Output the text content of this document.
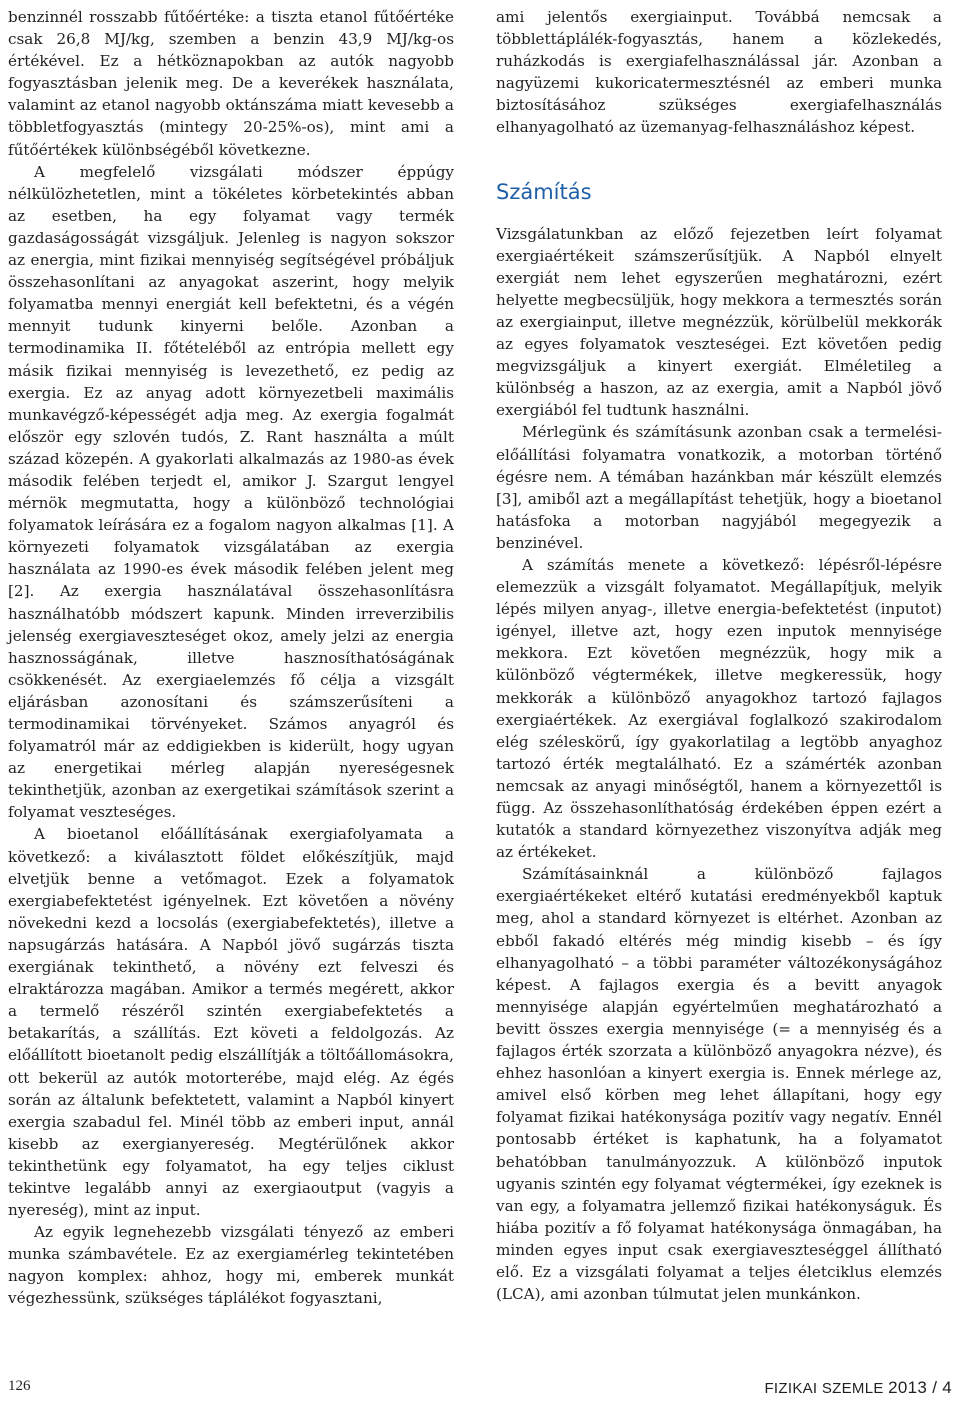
benzinnél rosszabb fűtőértéke: a tiszta etanol fűtőértéke csak 26,8 MJ/kg, szemben a benzin 43,9 MJ/kg-os értékével. Ez a hétköznapokban az autók nagyobb fogyasztásban jelenik meg. De a keverékek használata, valamint az etanol nagyobb oktánszáma miatt kevesebb a többletfogyasztás (mintegy 20-25%-os), mint ami a fűtőértékek különbségéből következne.

A megfelelő vizsgálati módszer éppúgy nélkülözhetetlen, mint a tökéletes körbetekintés abban az esetben, ha egy folyamat vagy termék gazdaságosságát vizsgáljuk. Jelenleg is nagyon sokszor az energia, mint fizikai mennyiség segítségével próbáljuk összehasonlítani az anyagokat aszerint, hogy melyik folyamatba mennyi energiát kell befektetni, és a végén mennyit tudunk kinyerni belőle. Azonban a termodinamika II. főtételéből az entrópia mellett egy másik fizikai mennyiség is levezethető, ez pedig az exergia. Ez az anyag adott környezetbeli maximális munkavégző-képességét adja meg. Az exergia fogalmát először egy szlovén tudós, Z. Rant használta a múlt század közepén. A gyakorlati alkalmazás az 1980-as évek második felében terjedt el, amikor J. Szargut lengyel mérnök megmutatta, hogy a különböző technológiai folyamatok leírására ez a fogalom nagyon alkalmas [1]. A környezeti folyamatok vizsgálatában az exergia használata az 1990-es évek második felében jelent meg [2]. Az exergia használatával összehasonlításra használhatóbb módszert kapunk. Minden irreverzibilis jelenség exergiaveszteséget okoz, amely jelzi az energia hasznosságának, illetve hasznosíthatóságának csökkenését. Az exergiaelemzés fő célja a vizsgált eljárásban azonosítani és számszerűsíteni a termodinamikai törvényeket. Számos anyagról és folyamatról már az eddigiekben is kiderült, hogy ugyan az energetikai mérleg alapján nyereségesnek tekinthetjük, azonban az exergetikai számítások szerint a folyamat veszteséges.

A bioetanol előállításának exergiafolyamata a következő: a kiválasztott földet előkészítjük, majd elvetjük benne a vetőmagot. Ezek a folyamatok exergiabefektetést igényelnek. Ezt követően a növény növekedni kezd a locsolás (exergiabefektetés), illetve a napsugárzás hatására. A Napból jövő sugárzás tiszta exergiának tekinthető, a növény ezt felveszi és elraktározza magában. Amikor a termés megérett, akkor a termelő részéről szintén exergiabefektetés a betakarítás, a szállítás. Ezt követi a feldolgozás. Az előállított bioetanolt pedig elszállítják a töltőállomásokra, ott bekerül az autók motorterébe, majd elég. Az égés során az általunk befektetett, valamint a Napból kinyert exergia szabadul fel. Minél több az emberi input, annál kisebb az exergianyereség. Megtérülőnek akkor tekinthetünk egy folyamatot, ha egy teljes ciklust tekintve legalább annyi az exergiaoutput (vagyis a nyereség), mint az input.

Az egyik legnehezebb vizsgálati tényező az emberi munka számbavétele. Ez az exergiamérleg tekintetében nagyon komplex: ahhoz, hogy mi, emberek munkát végezhessünk, szükséges táplálékot fogyasztani,

ami jelentős exergiainput. Továbbá nemcsak a többlettáplálék-fogyasztás, hanem a közlekedés, ruházkodás is exergiafelhasználással jár. Azonban a nagyüzemi kukoricatermesztésnél az emberi munka biztosításához szükséges exergiafelhasználás elhanyagolható az üzemanyag-felhasználáshoz képest.

Számítás

Vizsgálatunkban az előző fejezetben leírt folyamat exergiaértékeit számszerűsítjük. A Napból elnyelt exergiát nem lehet egyszerűen meghatározni, ezért helyette megbecsüljük, hogy mekkora a termesztés során az exergiainput, illetve megnézzük, körülbelül mekkorák az egyes folyamatok veszteségei. Ezt követően pedig megvizsgáljuk a kinyert exergiát. Elméletileg a különbség a haszon, az az exergia, amit a Napból jövő exergiából fel tudtunk használni.

Mérlegünk és számításunk azonban csak a termelési-előállítási folyamatra vonatkozik, a motorban történő égésre nem. A témában hazánkban már készült elemzés [3], amiből azt a megállapítást tehetjük, hogy a bioetanol hatásfoka a motorban nagyjából megegyezik a benzinével.

A számítás menete a következő: lépésről-lépésre elemezzük a vizsgált folyamatot. Megállapítjuk, melyik lépés milyen anyag-, illetve energia-befektetést (inputot) igényel, illetve azt, hogy ezen inputok mennyisége mekkora. Ezt követően megnézzük, hogy mik a különböző végtermékek, illetve megkeressük, hogy mekkorák a különböző anyagokhoz tartozó fajlagos exergiaértékek. Az exergiával foglalkozó szakirodalom elég széleskörű, így gyakorlatilag a legtöbb anyaghoz tartozó érték megtalálható. Ez a számérték azonban nemcsak az anyagi minőségtől, hanem a környezettől is függ. Az összehasonlíthatóság érdekében éppen ezért a kutatók a standard környezethez viszonyítva adják meg az értékeket.

Számításainknál a különböző fajlagos exergiaértékeket eltérő kutatási eredményekből kaptuk meg, ahol a standard környezet is eltérhet. Azonban az ebből fakadó eltérés még mindig kisebb – és így elhanyagolható – a többi paraméter változékonyságához képest. A fajlagos exergia és a bevitt anyagok mennyisége alapján egyértelműen meghatározható a bevitt összes exergia mennyisége (= a mennyiség és a fajlagos érték szorzata a különböző anyagokra nézve), és ehhez hasonlóan a kinyert exergia is. Ennek mérlege az, amivel első körben meg lehet állapítani, hogy egy folyamat fizikai hatékonysága pozitív vagy negatív. Ennél pontosabb értéket is kaphatunk, ha a folyamatot behatóbban tanulmányozzuk. A különböző inputok ugyanis szintén egy folyamat végtermékei, így ezeknek is van egy, a folyamatra jellemző fizikai hatékonyságuk. És hiába pozitív a fő folyamat hatékonysága önmagában, ha minden egyes input csak exergiaveszteséggel állítható elő. Ez a vizsgálati folyamat a teljes életciklus elemzés (LCA), ami azonban túlmutat jelen munkánkon.

126	FIZIKAI SZEMLE 2013 / 4
